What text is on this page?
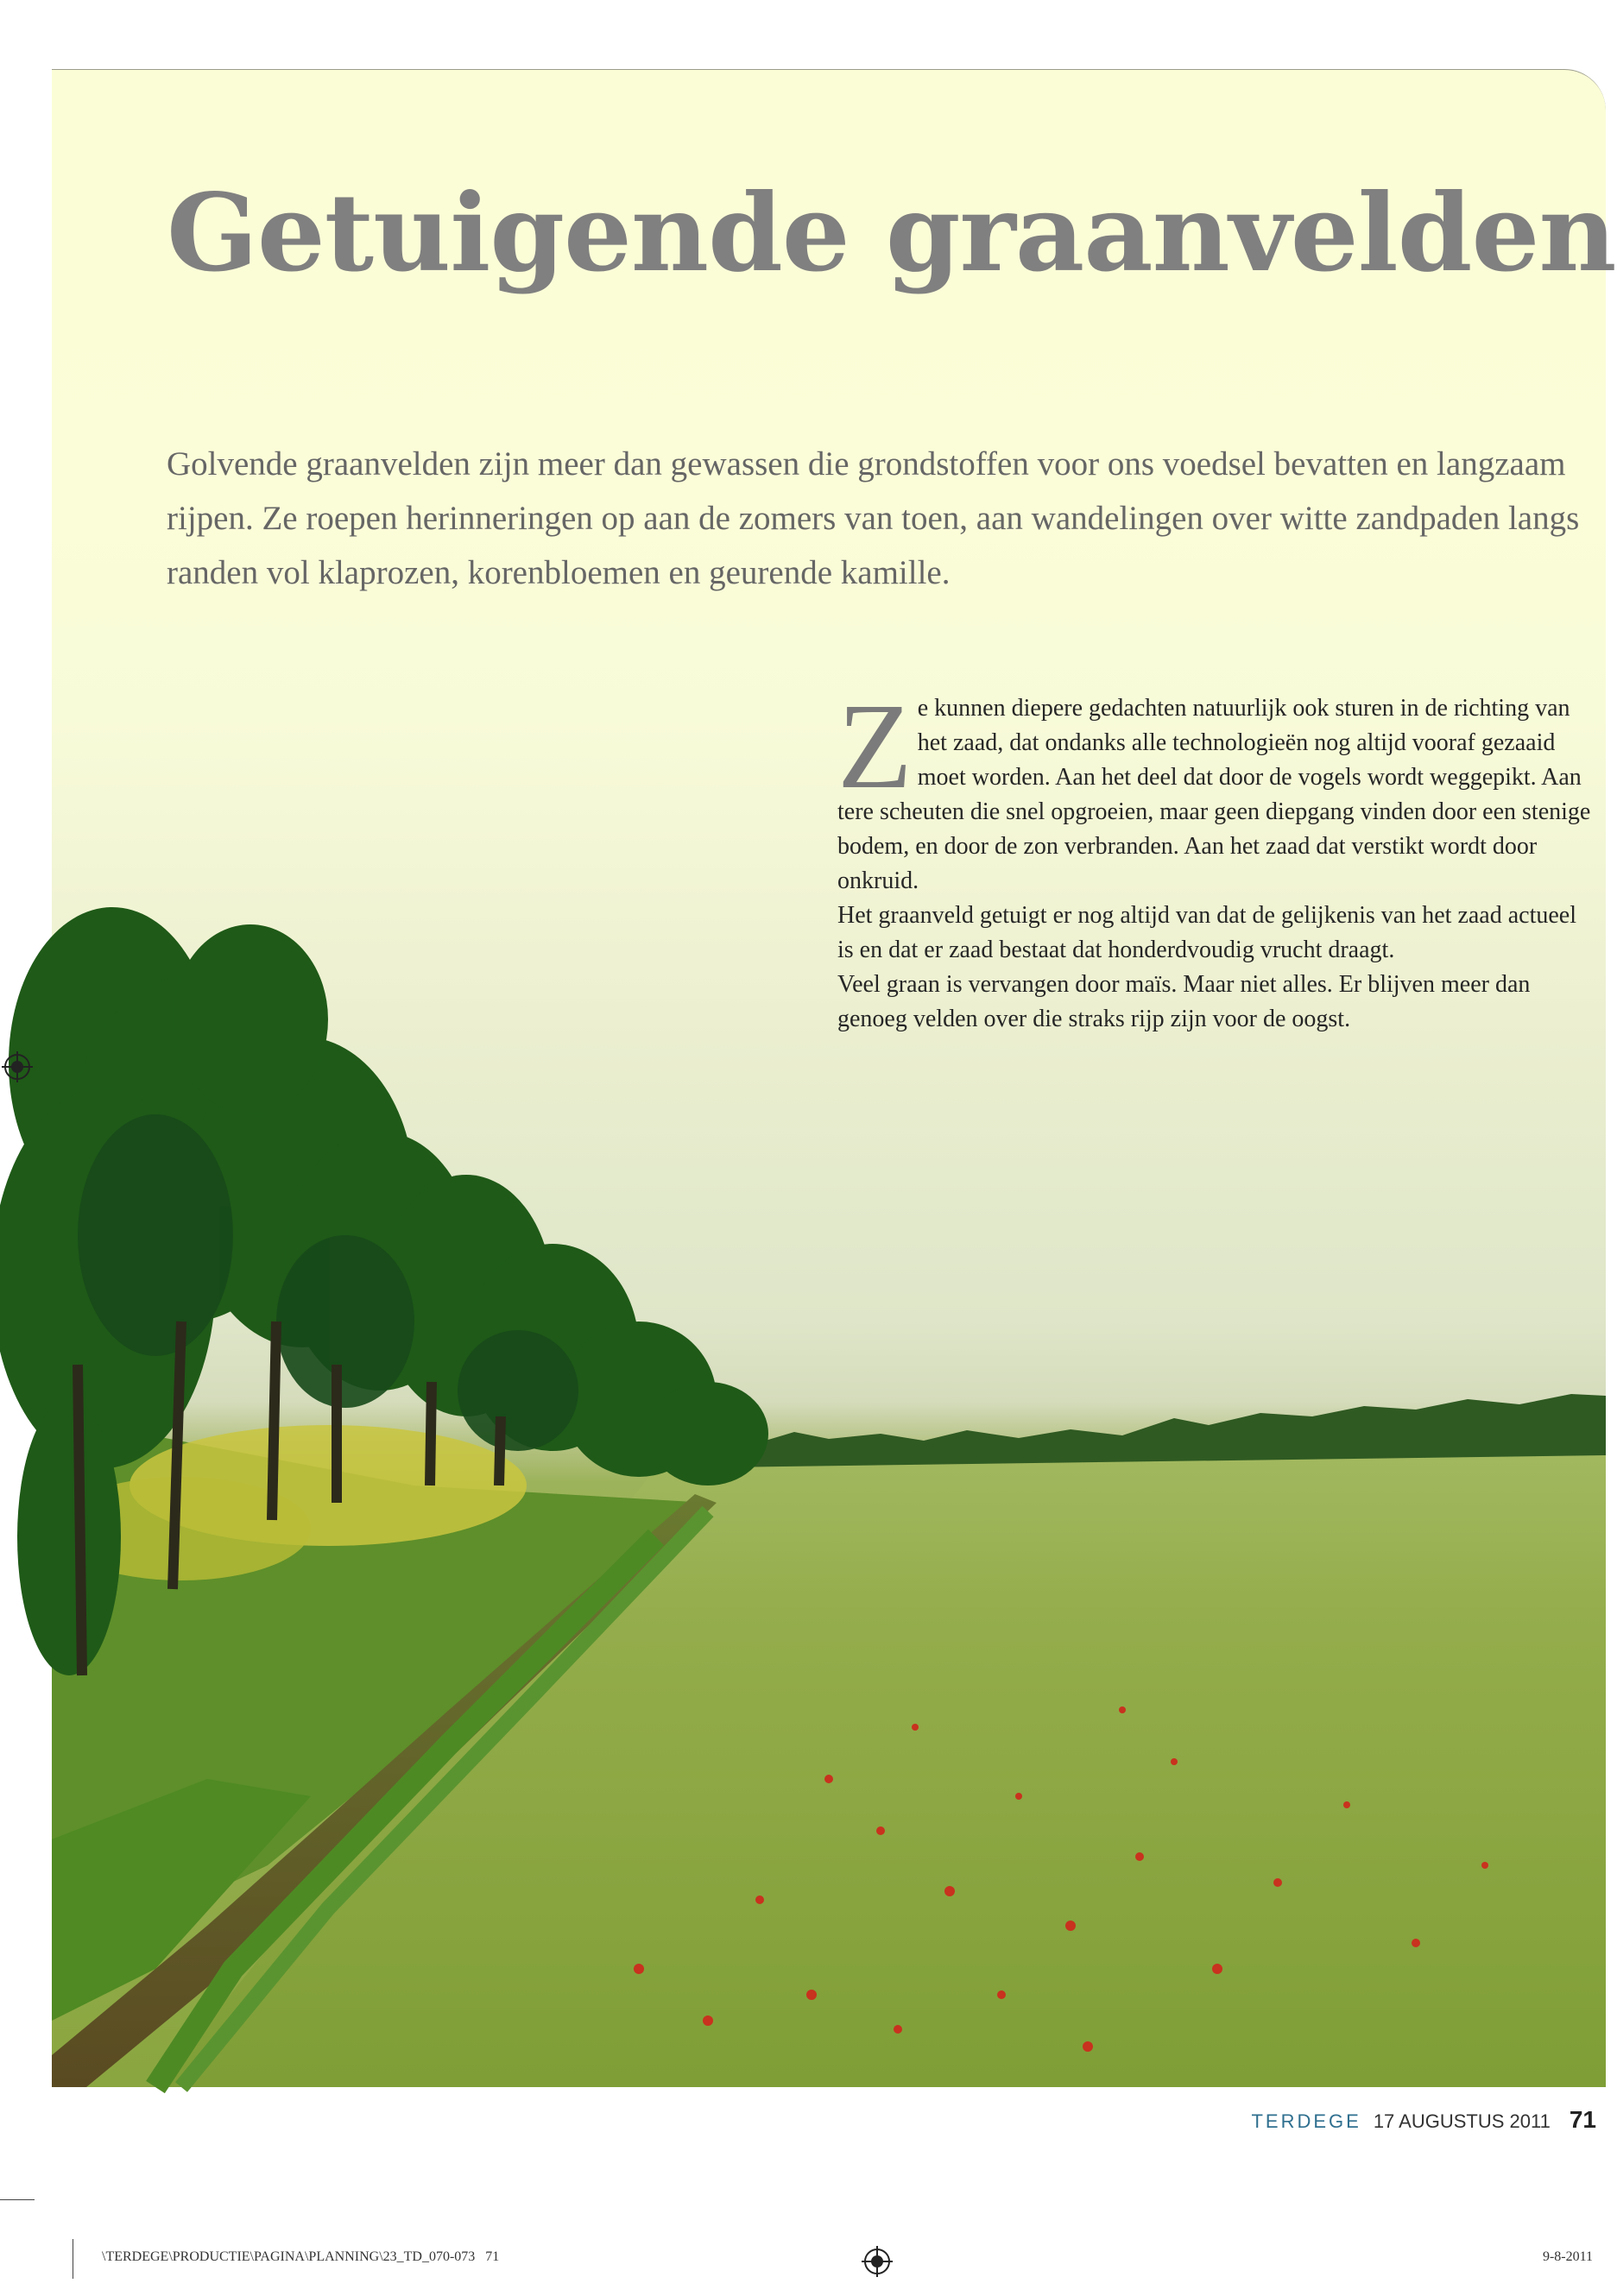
Getuigende graanvelden

Golvende graanvelden zijn meer dan gewassen die grondstoffen voor ons voedsel bevatten en langzaam rijpen. Ze roepen herinneringen op aan de zomers van toen, aan wandelingen over witte zandpaden langs randen vol klaprozen, korenbloemen en geurende kamille.

Z e kunnen diepere gedachten natuurlijk ook sturen in de richting van het zaad, dat ondanks alle technologieën nog altijd vooraf gezaaid moet worden. Aan het deel dat door de vogels wordt weggepikt. Aan tere scheuten die snel opgroeien, maar geen diepgang vinden door een stenige bodem, en door de zon verbranden. Aan het zaad dat verstikt wordt door onkruid.

Het graanveld getuigt er nog altijd van dat de gelijkenis van het zaad actueel is en dat er zaad bestaat dat honderdvoudig vrucht draagt.

Veel graan is vervangen door maïs. Maar niet alles. Er blijven meer dan genoeg velden over die straks rijp zijn voor de oogst.

TERDEGE 17 AUGUSTUS 2011 71
\TERDEGE\PRODUCTIE\PAGINA\PLANNING\23_TD_070-073   71	9-8-2011
